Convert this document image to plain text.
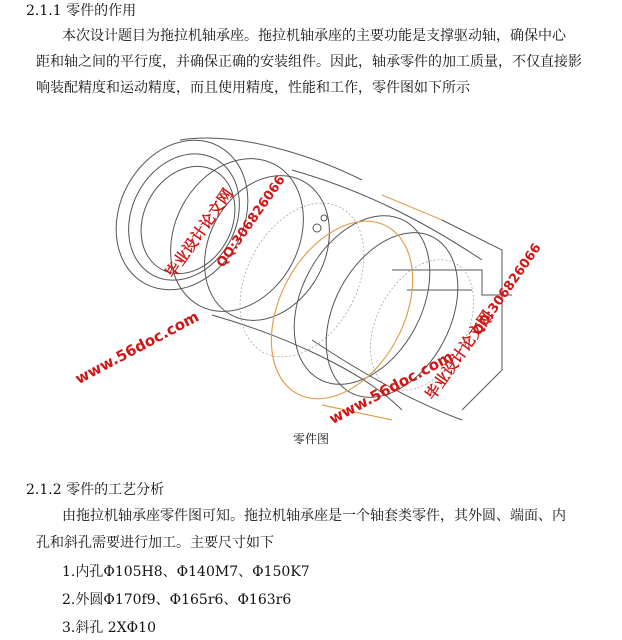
2.1.1 零件的作用
本次设计题目为拖拉机轴承座。拖拉机轴承座的主要功能是支撑驱动轴，确保中心
距和轴之间的平行度，并确保正确的安装组件。因此，轴承零件的加工质量，不仅直接影
响装配精度和运动精度，而且使用精度，性能和工作，零件图如下所示
毕业设计论文网
QQ:306826066
www.56doc.com
QQ:306826066
毕业设计论文网
www.56doc.com
零件图
2.1.2 零件的工艺分析
由拖拉机轴承座零件图可知。拖拉机轴承座是一个轴套类零件，其外圆、端面、内
孔和斜孔需要进行加工。主要尺寸如下
1.内孔Φ105H8、Φ140M7、Φ150K7
2.外圆Φ170f9、Φ165r6、Φ163r6
3.斜孔 2XΦ10
